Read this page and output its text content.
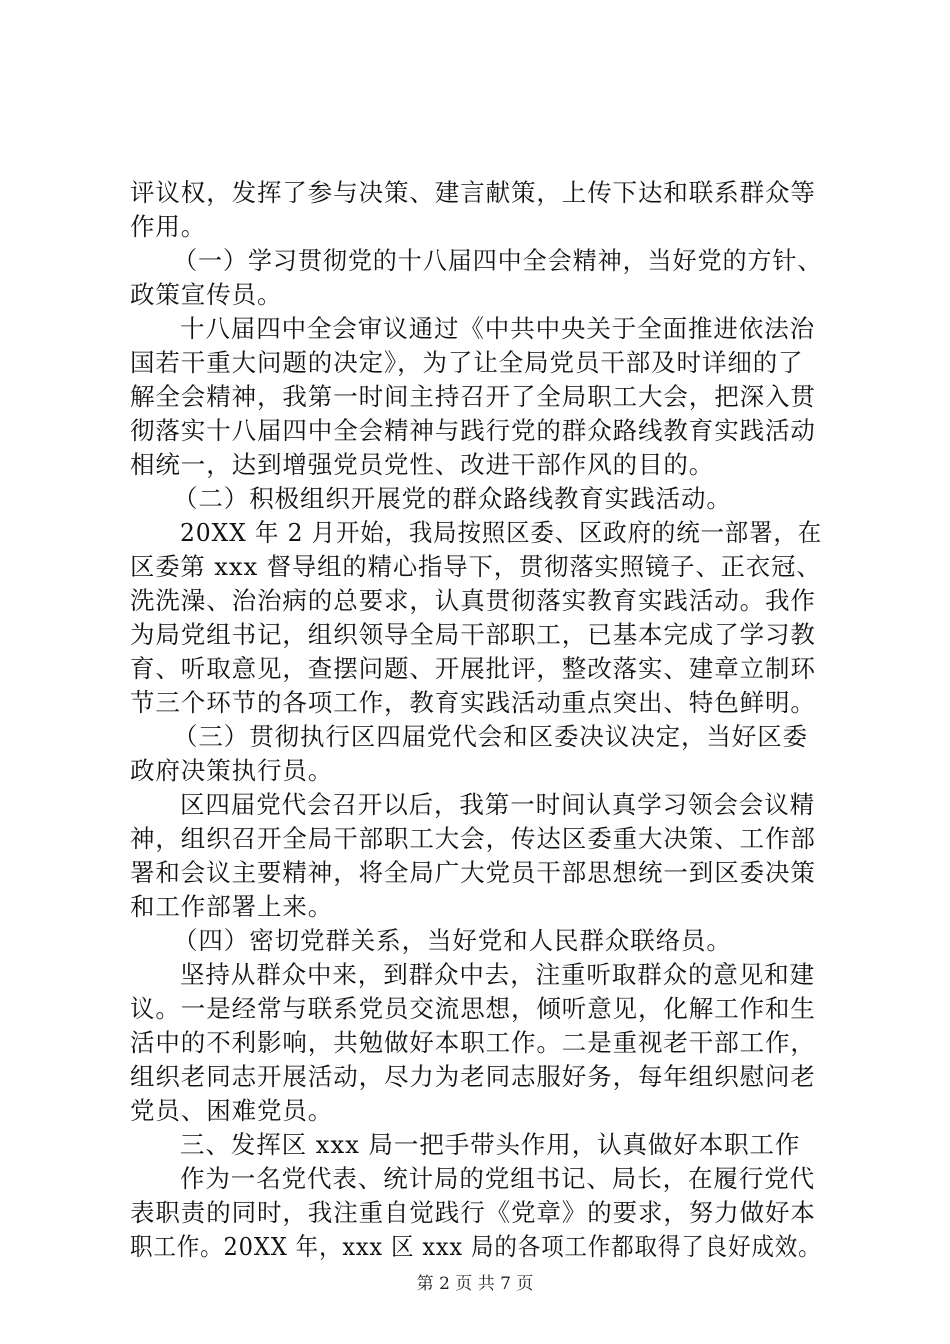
评议权，发挥了参与决策、建言献策，上传下达和联系群众等
作用。
（一）学习贯彻党的十八届四中全会精神，当好党的方针、
政策宣传员。
十八届四中全会审议通过《中共中央关于全面推进依法治
国若干重大问题的决定》，为了让全局党员干部及时详细的了
解全会精神，我第一时间主持召开了全局职工大会，把深入贯
彻落实十八届四中全会精神与践行党的群众路线教育实践活动
相统一，达到增强党员党性、改进干部作风的目的。
（二）积极组织开展党的群众路线教育实践活动。
20XX 年 2 月开始，我局按照区委、区政府的统一部署，在
区委第 xxx 督导组的精心指导下，贯彻落实照镜子、正衣冠、
洗洗澡、治治病的总要求，认真贯彻落实教育实践活动。我作
为局党组书记，组织领导全局干部职工，已基本完成了学习教
育、听取意见，查摆问题、开展批评，整改落实、建章立制环
节三个环节的各项工作，教育实践活动重点突出、特色鲜明。
（三）贯彻执行区四届党代会和区委决议决定，当好区委
政府决策执行员。
区四届党代会召开以后，我第一时间认真学习领会会议精
神，组织召开全局干部职工大会，传达区委重大决策、工作部
署和会议主要精神，将全局广大党员干部思想统一到区委决策
和工作部署上来。
（四）密切党群关系，当好党和人民群众联络员。
坚持从群众中来，到群众中去，注重听取群众的意见和建
议。一是经常与联系党员交流思想，倾听意见，化解工作和生
活中的不利影响，共勉做好本职工作。二是重视老干部工作，
组织老同志开展活动，尽力为老同志服好务，每年组织慰问老
党员、困难党员。
三、发挥区 xxx 局一把手带头作用，认真做好本职工作
作为一名党代表、统计局的党组书记、局长，在履行党代
表职责的同时，我注重自觉践行《党章》的要求，努力做好本
职工作。20XX 年，xxx 区 xxx 局的各项工作都取得了良好成效。
第 2 页 共 7 页
